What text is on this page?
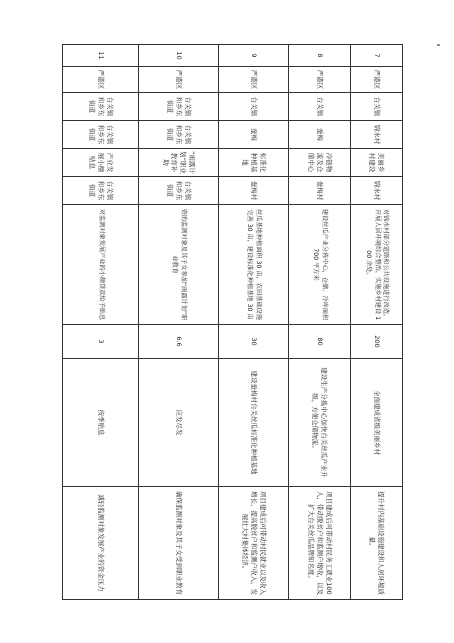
7	严港区	台关镇	锦水村	美丽乡村建设	锦水村	对锦水村部分道路和公共设施进行改造，开展人居环境综合整治，实施乡村建设 100 余处。	200	全面建成省级美丽乡村	提升村内基础设施建设和人居环境质量。
8	严港区	台关镇	蚕梅	冷链物流及仓储中心	蚕梅村	建设丝瓜产业分拣中心，仓储、冷库面积 700 平方米	80	建设生产分拣中心加快台关丝瓜产业升级，方便仓储物流。	项目建成后可带动村民务工就业100人，带动脱贫户和监测户增收，以及扩大台关丝瓜品牌知名度。
9	严港区	台关镇	蚕梅	标准化种植基地	蚕梅村	丝瓜基地种植面积 30 亩，农田基础设施完善 30 亩，建设标准化种植基地 30 亩	30	建设蚕梅村台关丝瓜标准化种植基地	项目建成后可带动村民就业以及收入增长，提高脱贫户和监测户收入，发展壮大村集体经济。
10	严港区	台关镇和乡东街道	台关镇和乡东街道	“雨露计划”职业教育补助	台关镇和乡东街道	资助监测对象及其子女参加“雨露计划”职业教育	6.6	应发尽发	确保监测对象及其子女受到职业教育
11	严港区	台关镇和乡东街道	台关镇和乡东街道	产业发展小额贴息	台关镇和乡东街道	对监测对象发展产业的小额贷款给予贴息	3	按季贴息	减轻监测对象发展产业的资金压力
